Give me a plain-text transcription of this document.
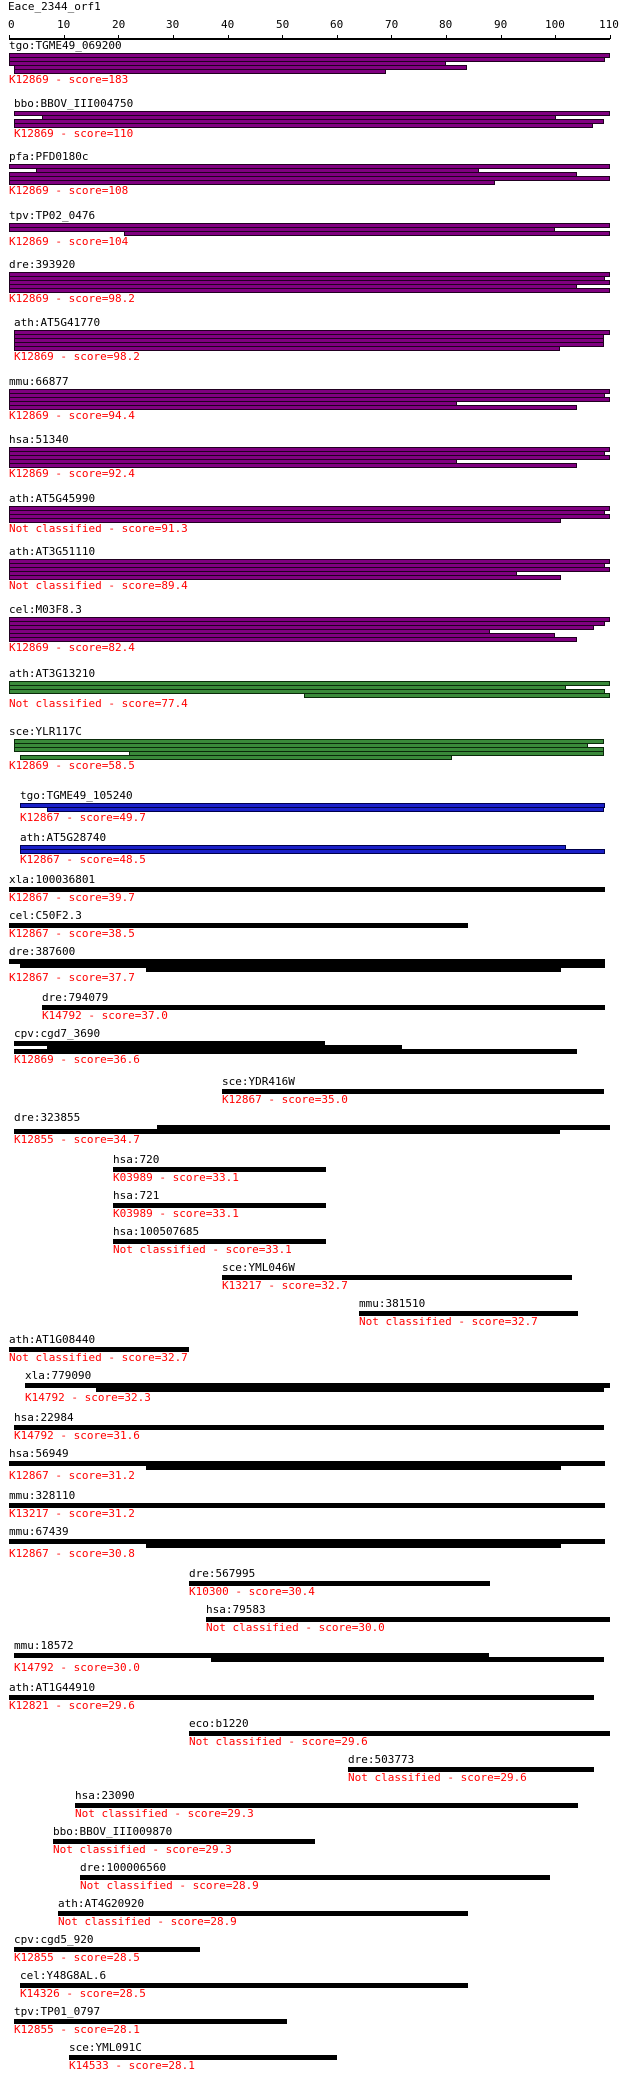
Eace_2344_orf1
0	10	20	30	40	50	60	70	80	90	100	110
tgo:TGME49_069200
K12869 - score=183
bbo:BBOV_III004750
K12869 - score=110
pfa:PFD0180c
K12869 - score=108
tpv:TP02_0476
K12869 - score=104
dre:393920
K12869 - score=98.2
ath:AT5G41770
K12869 - score=98.2
mmu:66877
K12869 - score=94.4
hsa:51340
K12869 - score=92.4
ath:AT5G45990
Not classified - score=91.3
ath:AT3G51110
Not classified - score=89.4
cel:M03F8.3
K12869 - score=82.4
ath:AT3G13210
Not classified - score=77.4
sce:YLR117C
K12869 - score=58.5
tgo:TGME49_105240
K12867 - score=49.7
ath:AT5G28740
K12867 - score=48.5
xla:100036801
K12867 - score=39.7
cel:C50F2.3
K12867 - score=38.5
dre:387600
K12867 - score=37.7
dre:794079
K14792 - score=37.0
cpv:cgd7_3690
K12869 - score=36.6
sce:YDR416W
K12867 - score=35.0
dre:323855
K12855 - score=34.7
hsa:720
K03989 - score=33.1
hsa:721
K03989 - score=33.1
hsa:100507685
Not classified - score=33.1
sce:YML046W
K13217 - score=32.7
mmu:381510
Not classified - score=32.7
ath:AT1G08440
Not classified - score=32.7
xla:779090
K14792 - score=32.3
hsa:22984
K14792 - score=31.6
hsa:56949
K12867 - score=31.2
mmu:328110
K13217 - score=31.2
mmu:67439
K12867 - score=30.8
dre:567995
K10300 - score=30.4
hsa:79583
Not classified - score=30.0
mmu:18572
K14792 - score=30.0
ath:AT1G44910
K12821 - score=29.6
eco:b1220
Not classified - score=29.6
dre:503773
Not classified - score=29.6
hsa:23090
Not classified - score=29.3
bbo:BBOV_III009870
Not classified - score=29.3
dre:100006560
Not classified - score=28.9
ath:AT4G20920
Not classified - score=28.9
cpv:cgd5_920
K12855 - score=28.5
cel:Y48G8AL.6
K14326 - score=28.5
tpv:TP01_0797
K12855 - score=28.1
sce:YML091C
K14533 - score=28.1
